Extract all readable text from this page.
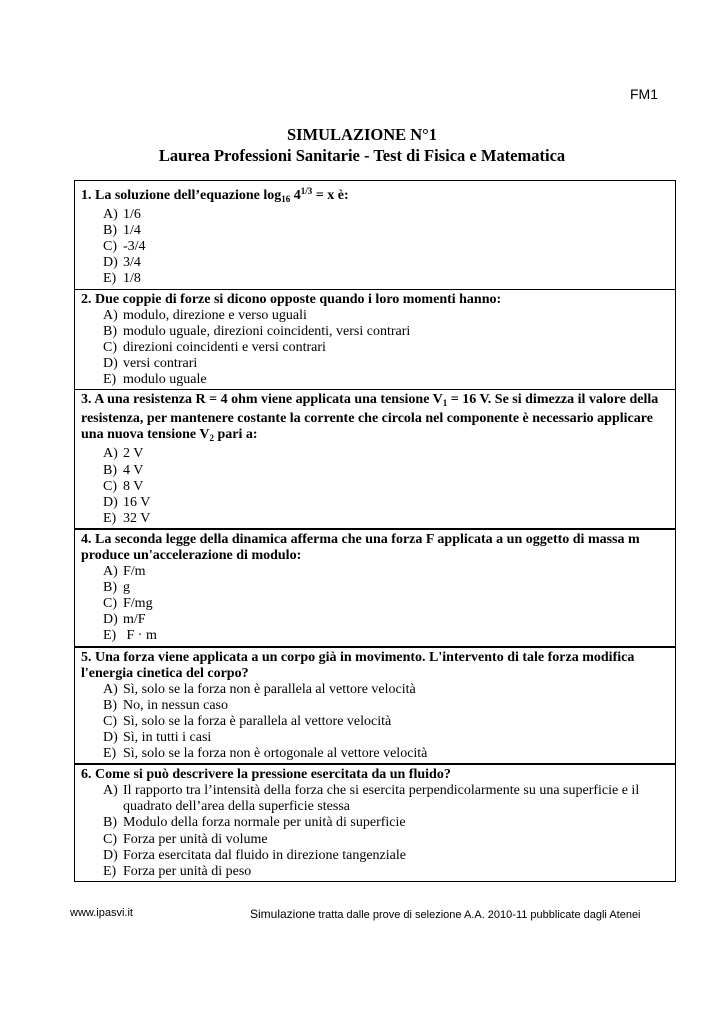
FM1
SIMULAZIONE N°1
Laurea Professioni Sanitarie - Test di Fisica e Matematica
1. La soluzione dell’equazione $\log_{16} 4^{1/3} = x$ è:
A) 1/6
B) 1/4
C) -3/4
D) 3/4
E) 1/8
2. Due coppie di forze si dicono opposte quando i loro momenti hanno:
A) modulo, direzione e verso uguali
B) modulo uguale, direzioni coincidenti, versi contrari
C) direzioni coincidenti e versi contrari
D) versi contrari
E) modulo uguale
3. A una resistenza R = 4 ohm viene applicata una tensione $V_1 = 16$ V. Se si dimezza il valore della resistenza, per mantenere costante la corrente che circola nel componente è necessario applicare una nuova tensione $V_2$ pari a:
A) 2 V
B) 4 V
C) 8 V
D) 16 V
E) 32 V
4. La seconda legge della dinamica afferma che una forza F applicata a un oggetto di massa m produce un'accelerazione di modulo:
A) F/m
B) g
C) F/mg
D) m/F
E) F · m
5. Una forza viene applicata a un corpo già in movimento. L'intervento di tale forza modifica l'energia cinetica del corpo?
A) Sì, solo se la forza non è parallela al vettore velocità
B) No, in nessun caso
C) Sì, solo se la forza è parallela al vettore velocità
D) Sì, in tutti i casi
E) Sì, solo se la forza non è ortogonale al vettore velocità
6. Come si può descrivere la pressione esercitata da un fluido?
A) Il rapporto tra l’intensità della forza che si esercita perpendicolarmente su una superficie e il quadrato dell’area della superficie stessa
B) Modulo della forza normale per unità di superficie
C) Forza per unità di volume
D) Forza esercitata dal fluido in direzione tangenziale
E) Forza per unità di peso
www.ipasvi.it	Simulazione tratta dalle prove di selezione A.A. 2010-11 pubblicate dagli Atenei
